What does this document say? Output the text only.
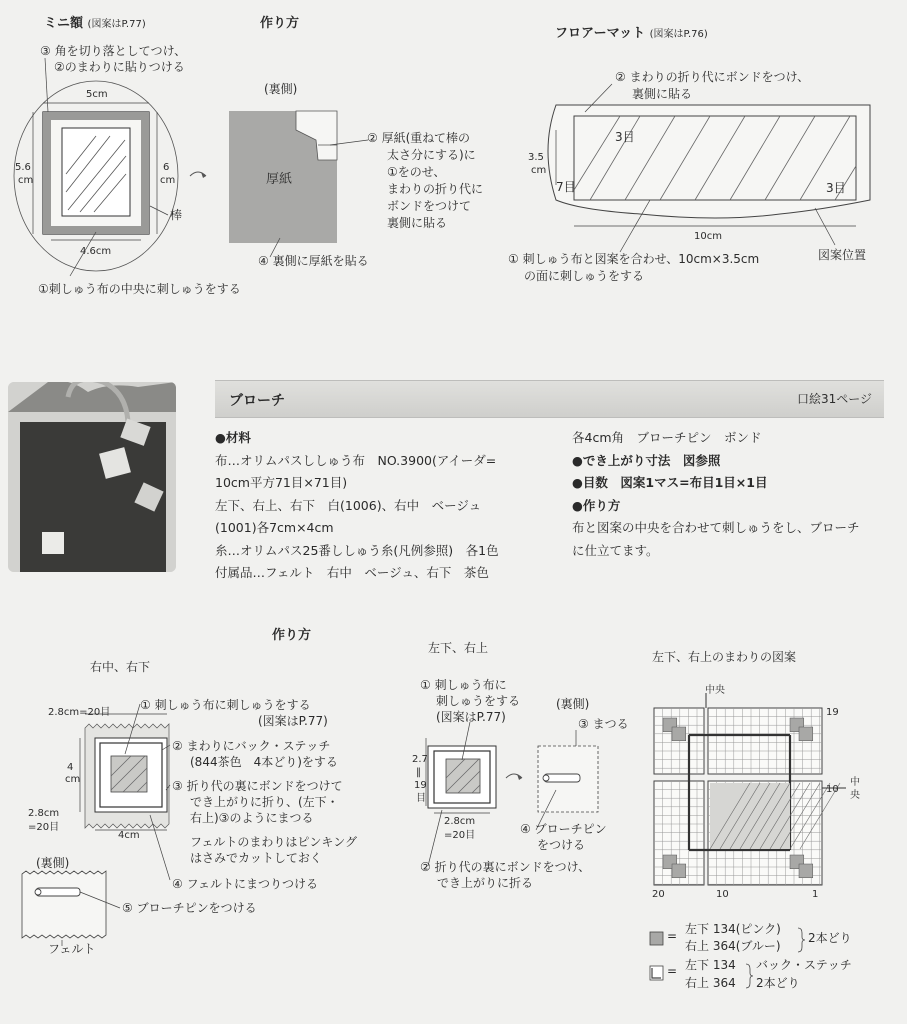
ミニ額 (図案はP.77)
③ 角を切り落としてつけ、
②のまわりに貼りつける
5cm
5.6
cm
6
cm
棒
4.6cm
①刺しゅう布の中央に刺しゅうをする
作り方
(裏側)
厚紙
② 厚紙(重ねて棒の
太さ分にする)に
①をのせ、
まわりの折り代に
ボンドをつけて
裏側に貼る
④ 裏側に厚紙を貼る
フロアーマット (図案はP.76)
② まわりの折り代にボンドをつけ、
裏側に貼る
3目
7目	3目
3.5
cm
10cm
① 刺しゅう布と図案を合わせ、10cm×3.5cm
の面に刺しゅうをする
図案位置
ブローチ	口絵31ページ
●材料
布…オリムパスししゅう布　NO.3900(アイーダ=
10cm平方71目×71目)
左下、右上、右下　白(1006)、右中　ベージュ
(1001)各7cm×4cm
糸…オリムパス25番ししゅう糸(凡例参照)　各1色
付属品…フェルト　右中　ベージュ、右下　茶色
各4cm角　ブローチピン　ボンド
●でき上がり寸法　図参照
●目数　図案1マス=布目1目×1目
●作り方
布と図案の中央を合わせて刺しゅうをし、ブローチ
に仕立てます。
作り方
右中、右下
2.8cm=20目
4
cm
2.8cm
=20目
4cm
① 刺しゅう布に刺しゅうをする
(図案はP.77)
② まわりにバック・ステッチ
(844茶色　4本どり)をする
③ 折り代の裏にボンドをつけて
でき上がりに折り、(左下・
右上)③のようにまつる
フェルトのまわりはピンキング
はさみでカットしておく
④ フェルトにまつりつける
(裏側)
⑤ ブローチピンをつける
フェルト
左下、右上
① 刺しゅう布に
刺しゅうをする
(図案はP.77)
(裏側)
③ まつる
2.7
‖
19
目
2.8cm
=20目	④ ブローチピン
をつける
② 折り代の裏にボンドをつけ、
でき上がりに折る
左下、右上のまわりの図案
中央
19
10
中
央
20	10	1
= 左下 134(ピンク)
右上 364(ブルー)
2本どり
= 左下 134
右上 364
バック・ステッチ
2本どり
